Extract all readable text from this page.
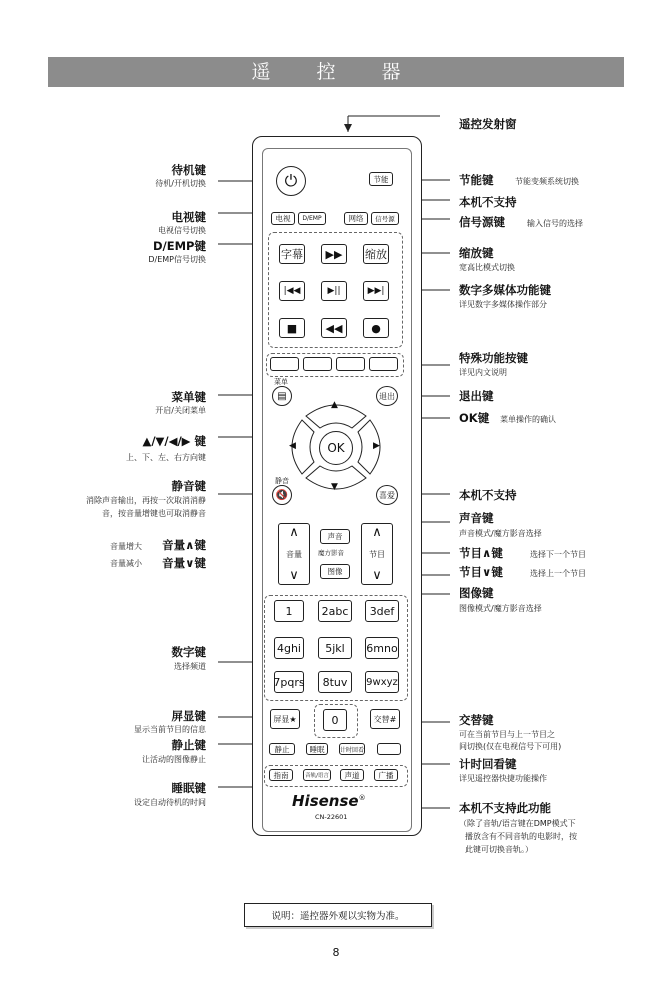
遥 控 器
待机键
待机/开机切换
电视键
电视信号切换
D/EMP键
D/EMP信号切换
菜单键
开启/关闭菜单
▲/▼/◀/▶ 键
上、下、左、右方向键
静音键
消除声音输出，再按一次取消消静
音，按音量增键也可取消静音
音量增大 音量∧键
音量减小 音量∨键
数字键
选择频道
屏显键
显示当前节目的信息
静止键
让活动的图像静止
睡眠键
设定自动待机的时间
遥控发射窗
节能键	节能变频系统切换
本机不支持
信号源键	输入信号的选择
缩放键
宽高比模式切换
数字多媒体功能键
详见数字多媒体操作部分
特殊功能按键
详见内文说明
退出键
OK键 菜单操作的确认
本机不支持
声音键
声音模式/魔方影音选择
节目∧键	选择下一个节目
节目∨键	选择上一个节目
图像键
图像模式/魔方影音选择
交替键
可在当前节目与上一节目之
间切换(仅在电视信号下可用)
计时回看键
详见遥控器快捷功能操作
本机不支持此功能
（除了音轨/语言键在DMP模式下
播放含有不同音轨的电影时，按
此键可切换音轨。）
⏻	节能
电视	D/EMP	网络	信号源
字幕	▶▶	缩放
|◀◀	▶||	▶▶|
■	◀◀	●
菜单
▤	退出
▲
▼
◀	▶
OK
静音
🔇	喜爱
∧
音量
∨
声音
魔方影音
图像
∧
节目
∨
1	2abc	3def
4ghi	5jkl	6mno
7pqrs	8tuv	9wxyz
屏显★	0	交替#
静止	睡眠	计时回看
指南	音轨/语言	声道	广播
Hisense®
CN-22601
说明：遥控器外观以实物为准。
8
